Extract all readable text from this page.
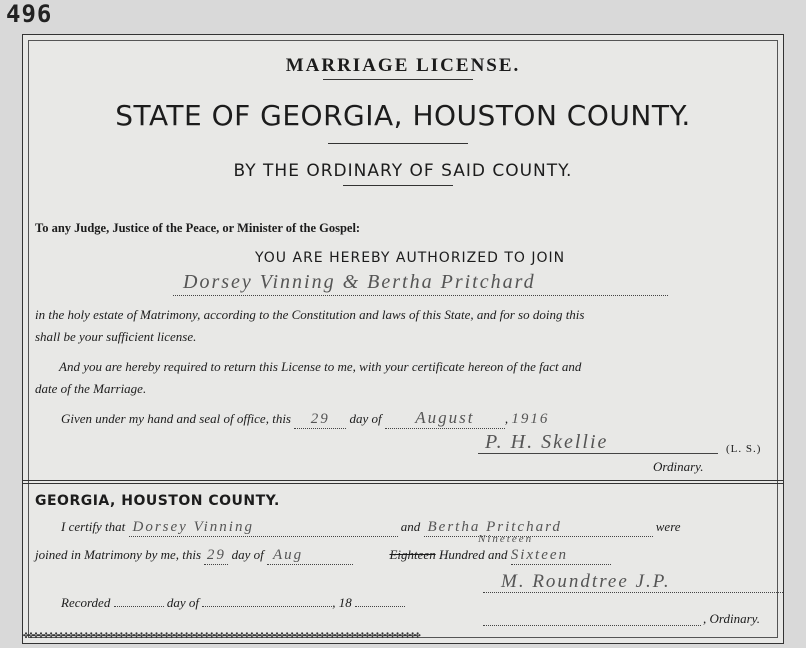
496
MARRIAGE LICENSE.
STATE OF GEORGIA, HOUSTON COUNTY.
BY THE ORDINARY OF SAID COUNTY.
To any Judge, Justice of the Peace, or Minister of the Gospel:
YOU ARE HEREBY AUTHORIZED TO JOIN
Dorsey Vinning & Bertha Pritchard
in the holy estate of Matrimony, according to the Constitution and laws of this State, and for so doing this
shall be your sufficient license.
And you are hereby required to return this License to me, with your certificate hereon of the fact and
date of the Marriage.
Given under my hand and seal of office, this 29 day of August , 1916
P. H. Skellie	(L. S.)
Ordinary.
GEORGIA, HOUSTON COUNTY.
I certify that Dorsey Vinning	and Bertha Pritchard	were
Nineteen
joined in Matrimony by me, this 29 day of Aug	Eighteen Hundred and Sixteen
M. Roundtree J.P.
Recorded	day of	, 18
, Ordinary.
✤✤✤✤✤✤✤✤✤✤✤✤✤✤✤✤✤✤✤✤✤✤✤✤✤✤✤✤✤✤✤✤✤✤✤✤✤✤✤✤✤✤✤✤✤✤✤✤✤✤✤✤✤✤✤✤✤✤✤✤✤✤✤✤✤✤✤✤✤✤✤✤✤✤✤✤✤✤✤
